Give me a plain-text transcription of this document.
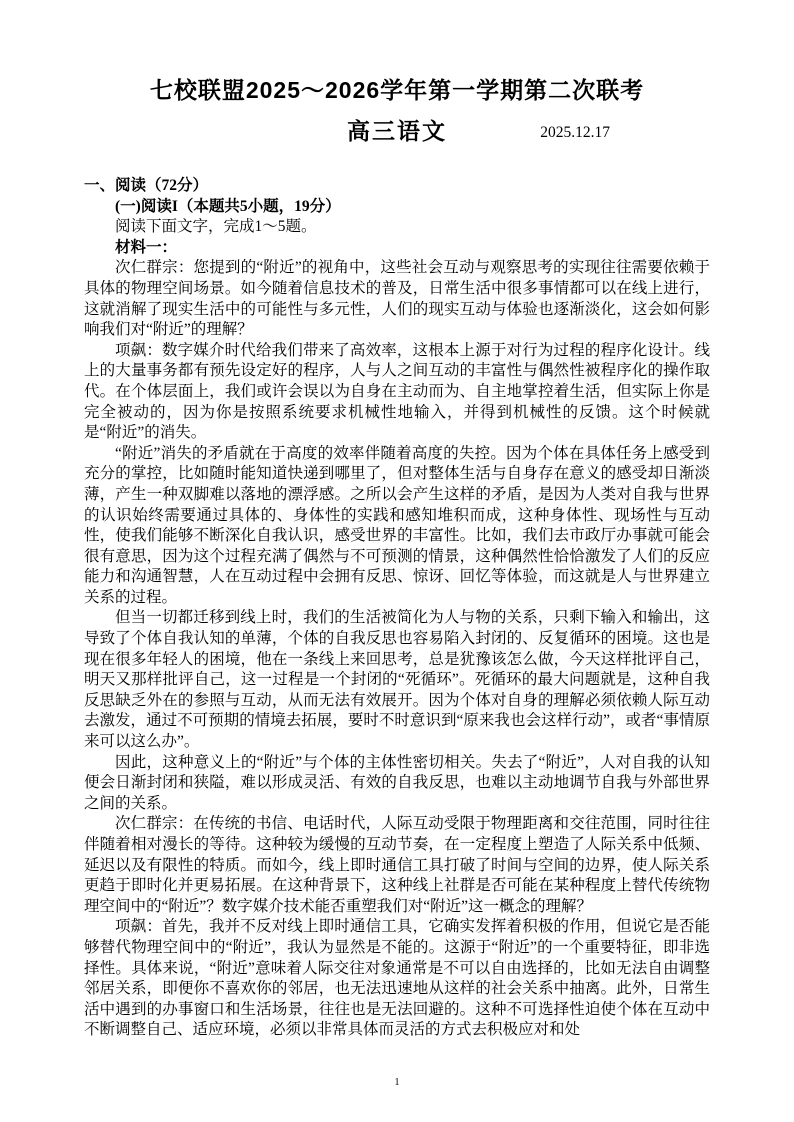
七校联盟2025～2026学年第一学期第二次联考
高三语文	2025.12.17

一、阅读（72分）

(一)阅读I（本题共5小题，19分）

阅读下面文字，完成1～5题。

材料一：

次仁群宗：您提到的“附近”的视角中，这些社会互动与观察思考的实现往往需要依赖于具体的物理空间场景。如今随着信息技术的普及，日常生活中很多事情都可以在线上进行，这就消解了现实生活中的可能性与多元性，人们的现实互动与体验也逐渐淡化，这会如何影响我们对“附近”的理解？

项飙：数字媒介时代给我们带来了高效率，这根本上源于对行为过程的程序化设计。线上的大量事务都有预先设定好的程序，人与人之间互动的丰富性与偶然性被程序化的操作取代。在个体层面上，我们或许会误以为自身在主动而为、自主地掌控着生活，但实际上你是完全被动的，因为你是按照系统要求机械性地输入，并得到机械性的反馈。这个时候就是“附近”的消失。

“附近”消失的矛盾就在于高度的效率伴随着高度的失控。因为个体在具体任务上感受到充分的掌控，比如随时能知道快递到哪里了，但对整体生活与自身存在意义的感受却日渐淡薄，产生一种双脚难以落地的漂浮感。之所以会产生这样的矛盾，是因为人类对自我与世界的认识始终需要通过具体的、身体性的实践和感知堆积而成，这种身体性、现场性与互动性，使我们能够不断深化自我认识，感受世界的丰富性。比如，我们去市政厅办事就可能会很有意思，因为这个过程充满了偶然与不可预测的情景，这种偶然性恰恰激发了人们的反应能力和沟通智慧，人在互动过程中会拥有反思、惊讶、回忆等体验，而这就是人与世界建立关系的过程。

但当一切都迁移到线上时，我们的生活被简化为人与物的关系，只剩下输入和输出，这导致了个体自我认知的单薄，个体的自我反思也容易陷入封闭的、反复循环的困境。这也是现在很多年轻人的困境，他在一条线上来回思考，总是犹豫该怎么做，今天这样批评自己，明天又那样批评自己，这一过程是一个封闭的“死循环”。死循环的最大问题就是，这种自我反思缺乏外在的参照与互动，从而无法有效展开。因为个体对自身的理解必须依赖人际互动去激发，通过不可预期的情境去拓展，要时不时意识到“原来我也会这样行动”，或者“事情原来可以这么办”。

因此，这种意义上的“附近”与个体的主体性密切相关。失去了“附近”，人对自我的认知便会日渐封闭和狭隘，难以形成灵活、有效的自我反思，也难以主动地调节自我与外部世界之间的关系。

次仁群宗：在传统的书信、电话时代，人际互动受限于物理距离和交往范围，同时往往伴随着相对漫长的等待。这种较为缓慢的互动节奏，在一定程度上塑造了人际关系中低频、延迟以及有限性的特质。而如今，线上即时通信工具打破了时间与空间的边界，使人际关系更趋于即时化并更易拓展。在这种背景下，这种线上社群是否可能在某种程度上替代传统物理空间中的“附近”？数字媒介技术能否重塑我们对“附近”这一概念的理解？

项飙：首先，我并不反对线上即时通信工具，它确实发挥着积极的作用，但说它是否能够替代物理空间中的“附近”，我认为显然是不能的。这源于“附近”的一个重要特征，即非选择性。具体来说，“附近”意味着人际交往对象通常是不可以自由选择的，比如无法自由调整邻居关系，即便你不喜欢你的邻居，也无法迅速地从这样的社会关系中抽离。此外，日常生活中遇到的办事窗口和生活场景，往往也是无法回避的。这种不可选择性迫使个体在互动中不断调整自己、适应环境，必须以非常具体而灵活的方式去积极应对和处

1
